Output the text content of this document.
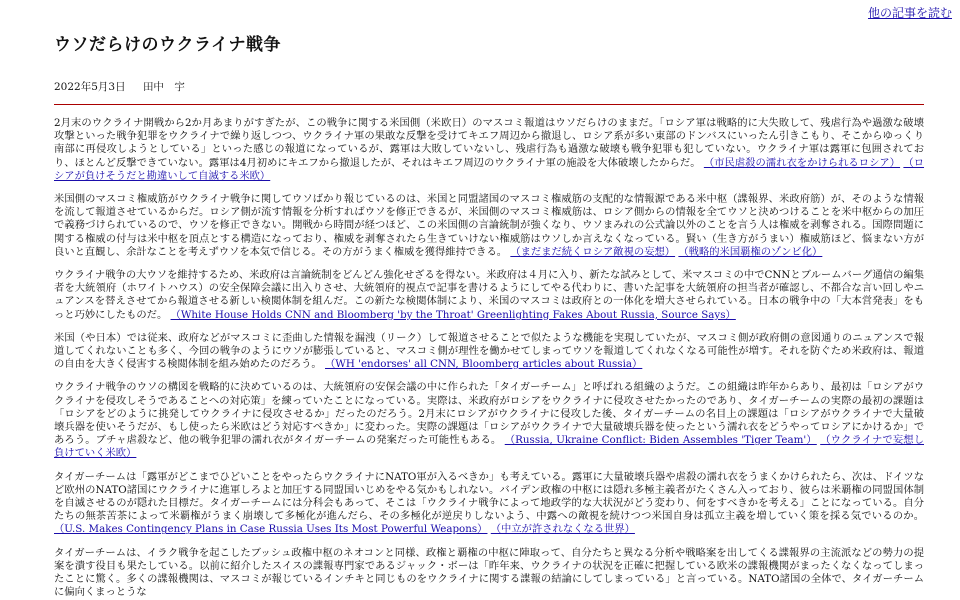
他の記事を読む
ウソだらけのウクライナ戦争
2022年5月3日 田中　宇

2月末のウクライナ開戦から2か月あまりがすぎたが、この戦争に関する米国側（米欧日）のマスコミ報道はウソだらけのままだ。「ロシア軍は戦略的に大失敗して、残虐行為や過激な破壊攻撃といった戦争犯罪をウクライナで繰り返しつつ、ウクライナ軍の果敢な反撃を受けてキエフ周辺から撤退し、ロシア系が多い東部のドンバスにいったん引きこもり、そこからゆっくり南部に再侵攻しようとしている」といった感じの報道になっているが、露軍は大敗していないし、残虐行為も過激な破壊も戦争犯罪も犯していない。ウクライナ軍は露軍に包囲されており、ほとんど反撃できていない。露軍は4月初めにキエフから撤退したが、それはキエフ周辺のウクライナ軍の施設を大体破壊したからだ。 （市民虐殺の濡れ衣をかけられるロシア） （ロシアが負けそうだと勘違いして自滅する米欧）

米国側のマスコミ権威筋がウクライナ戦争に関してウソばかり報じているのは、米国と同盟諸国のマスコミ権威筋の支配的な情報源である米中枢（諜報界、米政府筋）が、そのような情報を流して報道させているからだ。ロシア側が流す情報を分析すればウソを修正できるが、米国側のマスコミ権威筋は、ロシア側からの情報を全てウソと決めつけることを米中枢からの加圧で義務づけられているので、ウソを修正できない。開戦から時間が経つほど、この米国側の言論統制が強くなり、ウソまみれの公式論以外のことを言う人は権威を剥奪される。国際問題に関する権威の付与は米中枢を頂点とする構造になっており、権威を剥奪されたら生きていけない権威筋はウソしか言えなくなっている。賢い（生き方がうまい）権威筋ほど、悩まない方が良いと直観し、余計なことを考えずウソを本気で信じる。その方がうまく権威を獲得維持できる。 （まだまだ続くロシア敵視の妄想） （戦略的米国覇権のゾンビ化）

ウクライナ戦争の大ウソを維持するため、米政府は言論統制をどんどん強化せざるを得ない。米政府は４月に入り、新たな試みとして、米マスコミの中でCNNとブルームバーグ通信の編集者を大統領府（ホワイトハウス）の安全保障会議に出入りさせ、大統領府的視点で記事を書けるようにしてやる代わりに、書いた記事を大統領府の担当者が確認し、不都合な言い回しやニュアンスを替えさせてから報道させる新しい検閲体制を組んだ。この新たな検閲体制により、米国のマスコミは政府との一体化を増大させられている。日本の戦争中の「大本営発表」をもっと巧妙にしたものだ。 （White House Holds CNN and Bloomberg 'by the Throat' Greenlighting Fakes About Russia, Source Says）

米国（や日本）では従来、政府などがマスコミに歪曲した情報を漏洩（リーク）して報道させることで似たような機能を実現していたが、マスコミ側が政府側の意図通りのニュアンスで報道してくれないことも多く、今回の戦争のようにウソが膨張していると、マスコミ側が理性を働かせてしまってウソを報道してくれなくなる可能性が増す。それを防ぐため米政府は、報道の自由を大きく侵害する検閲体制を組み始めたのだろう。 （WH 'endorses' all CNN, Bloomberg articles about Russia）

ウクライナ戦争のウソの構図を戦略的に決めているのは、大統領府の安保会議の中に作られた「タイガーチーム」と呼ばれる組織のようだ。この組織は昨年からあり、最初は「ロシアがウクライナを侵攻しそうであることへの対応策」を練っていたことになっている。実際は、米政府がロシアをウクライナに侵攻させたかったのであり、タイガーチームの実際の最初の課題は「ロシアをどのように挑発してウクライナに侵攻させるか」だったのだろう。2月末にロシアがウクライナに侵攻した後、タイガーチームの名目上の課題は「ロシアがウクライナで大量破壊兵器を使いそうだが、もし使ったら米欧はどう対応すべきか」に変わった。実際の課題は「ロシアがウクライナで大量破壊兵器を使ったという濡れ衣をどうやってロシアにかけるか」であろう。ブチャ虐殺など、他の戦争犯罪の濡れ衣がタイガーチームの発案だった可能性もある。 （Russia, Ukraine Conflict: Biden Assembles 'Tiger Team'） （ウクライナで妄想し負けていく米欧）

タイガーチームは「露軍がどこまでひどいことをやったらウクライナにNATO軍が入るべきか」も考えている。露軍に大量破壊兵器や虐殺の濡れ衣をうまくかけられたら、次は、ドイツなど欧州のNATO諸国にウクライナに進軍しろよと加圧する同盟国いじめをやる気かもしれない。バイデン政権の中枢には隠れ多極主義者がたくさん入っており、彼らは米覇権の同盟国体制を自滅させるのが隠れた目標だ。タイガーチームには分科会もあって、そこは「ウクライナ戦争によって地政学的な大状況がどう変わり、何をすべきかを考える」ことになっている。自分たちの無茶苦茶によって米覇権がうまく崩壊して多極化が進んだら、その多極化が逆戻りしないよう、中露への敵視を続けつつ米国自身は孤立主義を増していく策を採る気でいるのか。 （U.S. Makes Contingency Plans in Case Russia Uses Its Most Powerful Weapons） （中立が許されなくなる世界）

タイガーチームは、イラク戦争を起こしたブッシュ政権中枢のネオコンと同様、政権と覇権の中枢に陣取って、自分たちと異なる分析や戦略案を出してくる諜報界の主流派などの勢力の提案を潰す役目も果たしている。以前に紹介したスイスの諜報専門家であるジャック・ボーは「昨年来、ウクライナの状況を正確に把握している欧米の諜報機関がまったくなくなってしまったことに驚く。多くの諜報機関は、マスコミが報じているインチキと同じものをウクライナに関する諜報の結論にしてしまっている」と言っている。NATO諸国の全体で、タイガーチームに偏向くまっとうな
